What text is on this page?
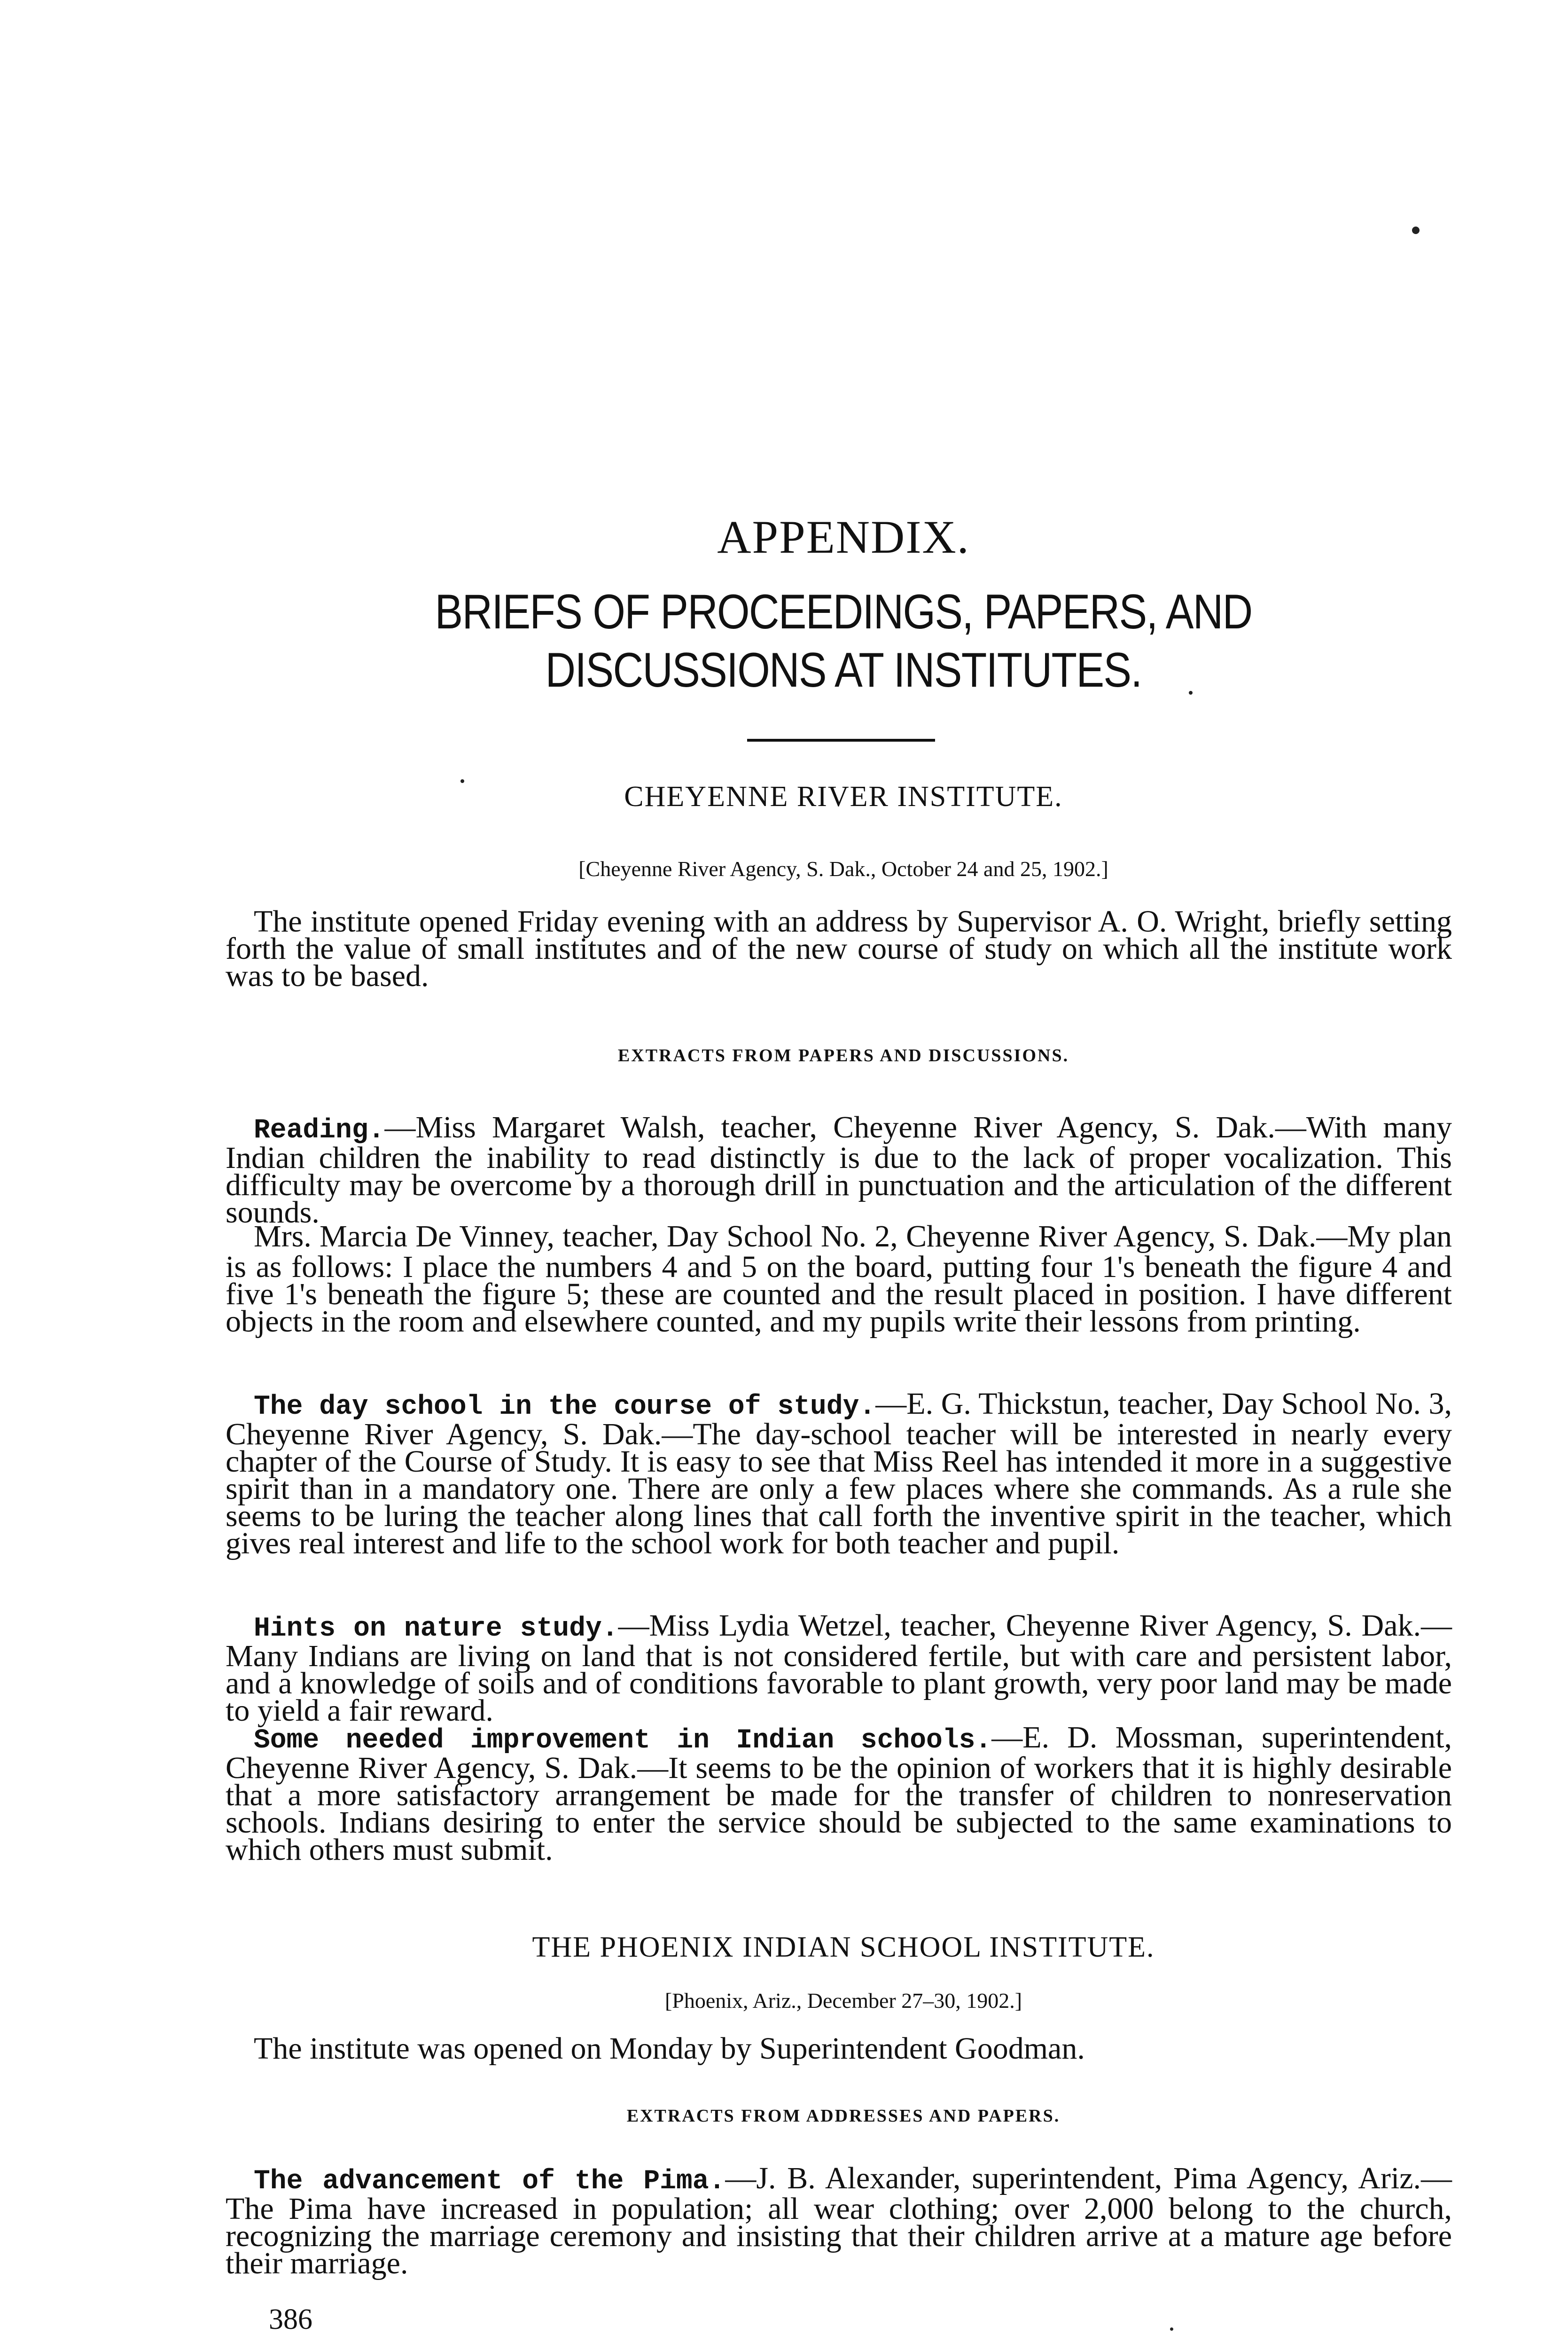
APPENDIX.
BRIEFS OF PROCEEDINGS, PAPERS, AND DISCUSSIONS AT INSTITUTES.
CHEYENNE RIVER INSTITUTE.
[Cheyenne River Agency, S. Dak., October 24 and 25, 1902.]
The institute opened Friday evening with an address by Supervisor A. O. Wright, briefly setting forth the value of small institutes and of the new course of study on which all the institute work was to be based.
EXTRACTS FROM PAPERS AND DISCUSSIONS.
Reading.—Miss Margaret Walsh, teacher, Cheyenne River Agency, S. Dak.—With many Indian children the inability to read distinctly is due to the lack of proper vocalization. This difficulty may be overcome by a thorough drill in punctuation and the articulation of the different sounds.
Mrs. Marcia De Vinney, teacher, Day School No. 2, Cheyenne River Agency, S. Dak.—My plan is as follows: I place the numbers 4 and 5 on the board, putting four 1's beneath the figure 4 and five 1's beneath the figure 5; these are counted and the result placed in position. I have different objects in the room and elsewhere counted, and my pupils write their lessons from printing.
The day school in the course of study.—E. G. Thickstun, teacher, Day School No. 3, Cheyenne River Agency, S. Dak.—The day-school teacher will be interested in nearly every chapter of the Course of Study. It is easy to see that Miss Reel has intended it more in a suggestive spirit than in a mandatory one. There are only a few places where she commands. As a rule she seems to be luring the teacher along lines that call forth the inventive spirit in the teacher, which gives real interest and life to the school work for both teacher and pupil.
Hints on nature study.—Miss Lydia Wetzel, teacher, Cheyenne River Agency, S. Dak.—Many Indians are living on land that is not considered fertile, but with care and persistent labor, and a knowledge of soils and of conditions favorable to plant growth, very poor land may be made to yield a fair reward.
Some needed improvement in Indian schools.—E. D. Mossman, superintendent, Cheyenne River Agency, S. Dak.—It seems to be the opinion of workers that it is highly desirable that a more satisfactory arrangement be made for the transfer of children to nonreservation schools. Indians desiring to enter the service should be subjected to the same examinations to which others must submit.
THE PHOENIX INDIAN SCHOOL INSTITUTE.
[Phoenix, Ariz., December 27–30, 1902.]
The institute was opened on Monday by Superintendent Goodman.
EXTRACTS FROM ADDRESSES AND PAPERS.
The advancement of the Pima.—J. B. Alexander, superintendent, Pima Agency, Ariz.—The Pima have increased in population; all wear clothing; over 2,000 belong to the church, recognizing the marriage ceremony and insisting that their children arrive at a mature age before their marriage.
386
